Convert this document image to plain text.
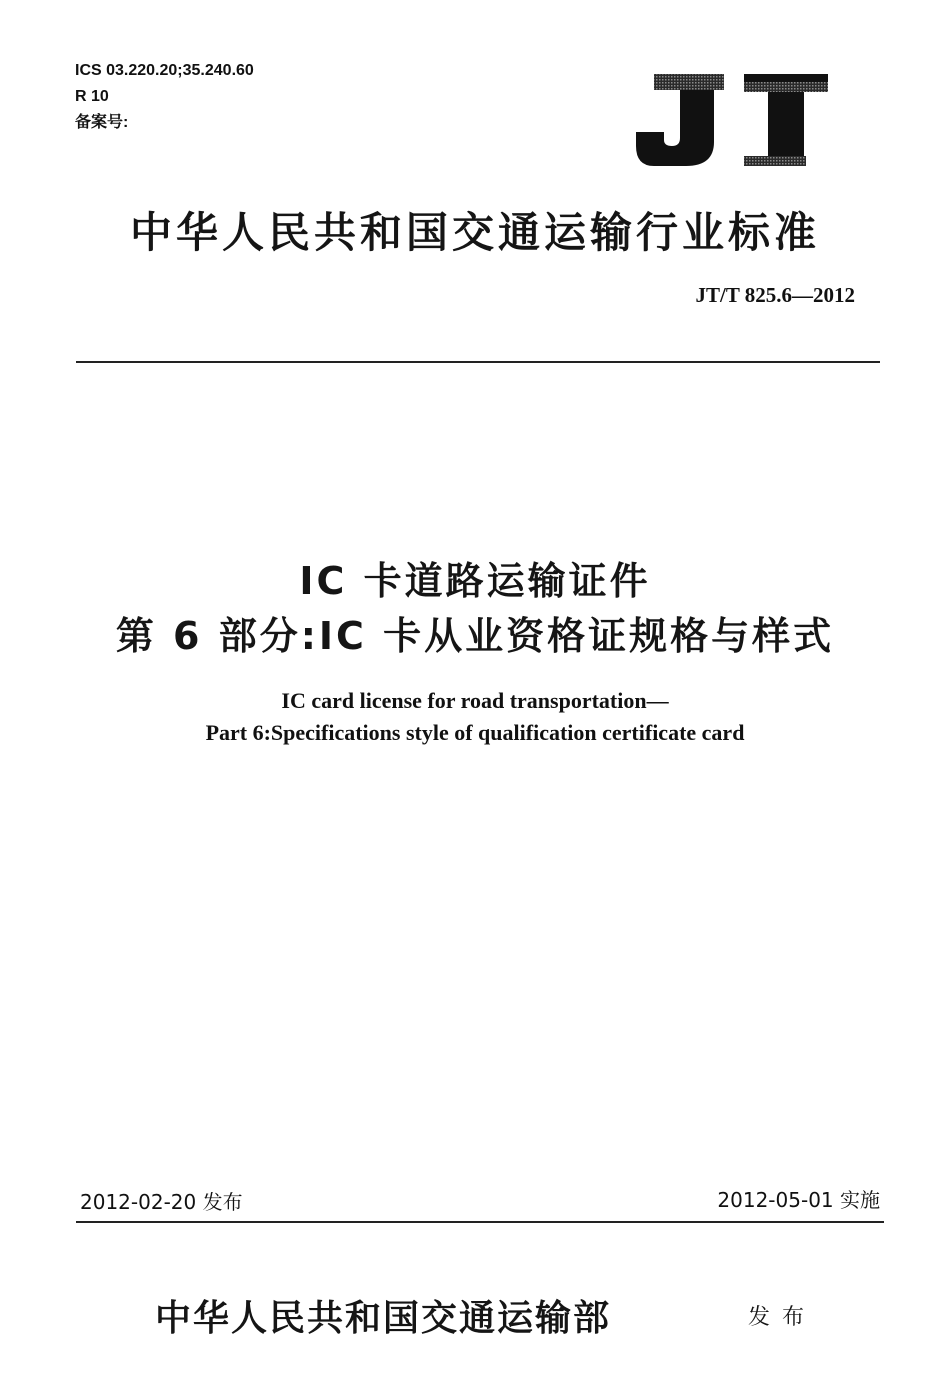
ICS 03.220.20;35.240.60
R 10
备案号:
中华人民共和国交通运输行业标准
JT/T 825.6—2012
IC 卡道路运输证件
第 6 部分:IC 卡从业资格证规格与样式
IC card license for road transportation—
Part 6:Specifications style of qualification certificate card
2012-02-20 发布	2012-05-01 实施
中华人民共和国交通运输部	发布
